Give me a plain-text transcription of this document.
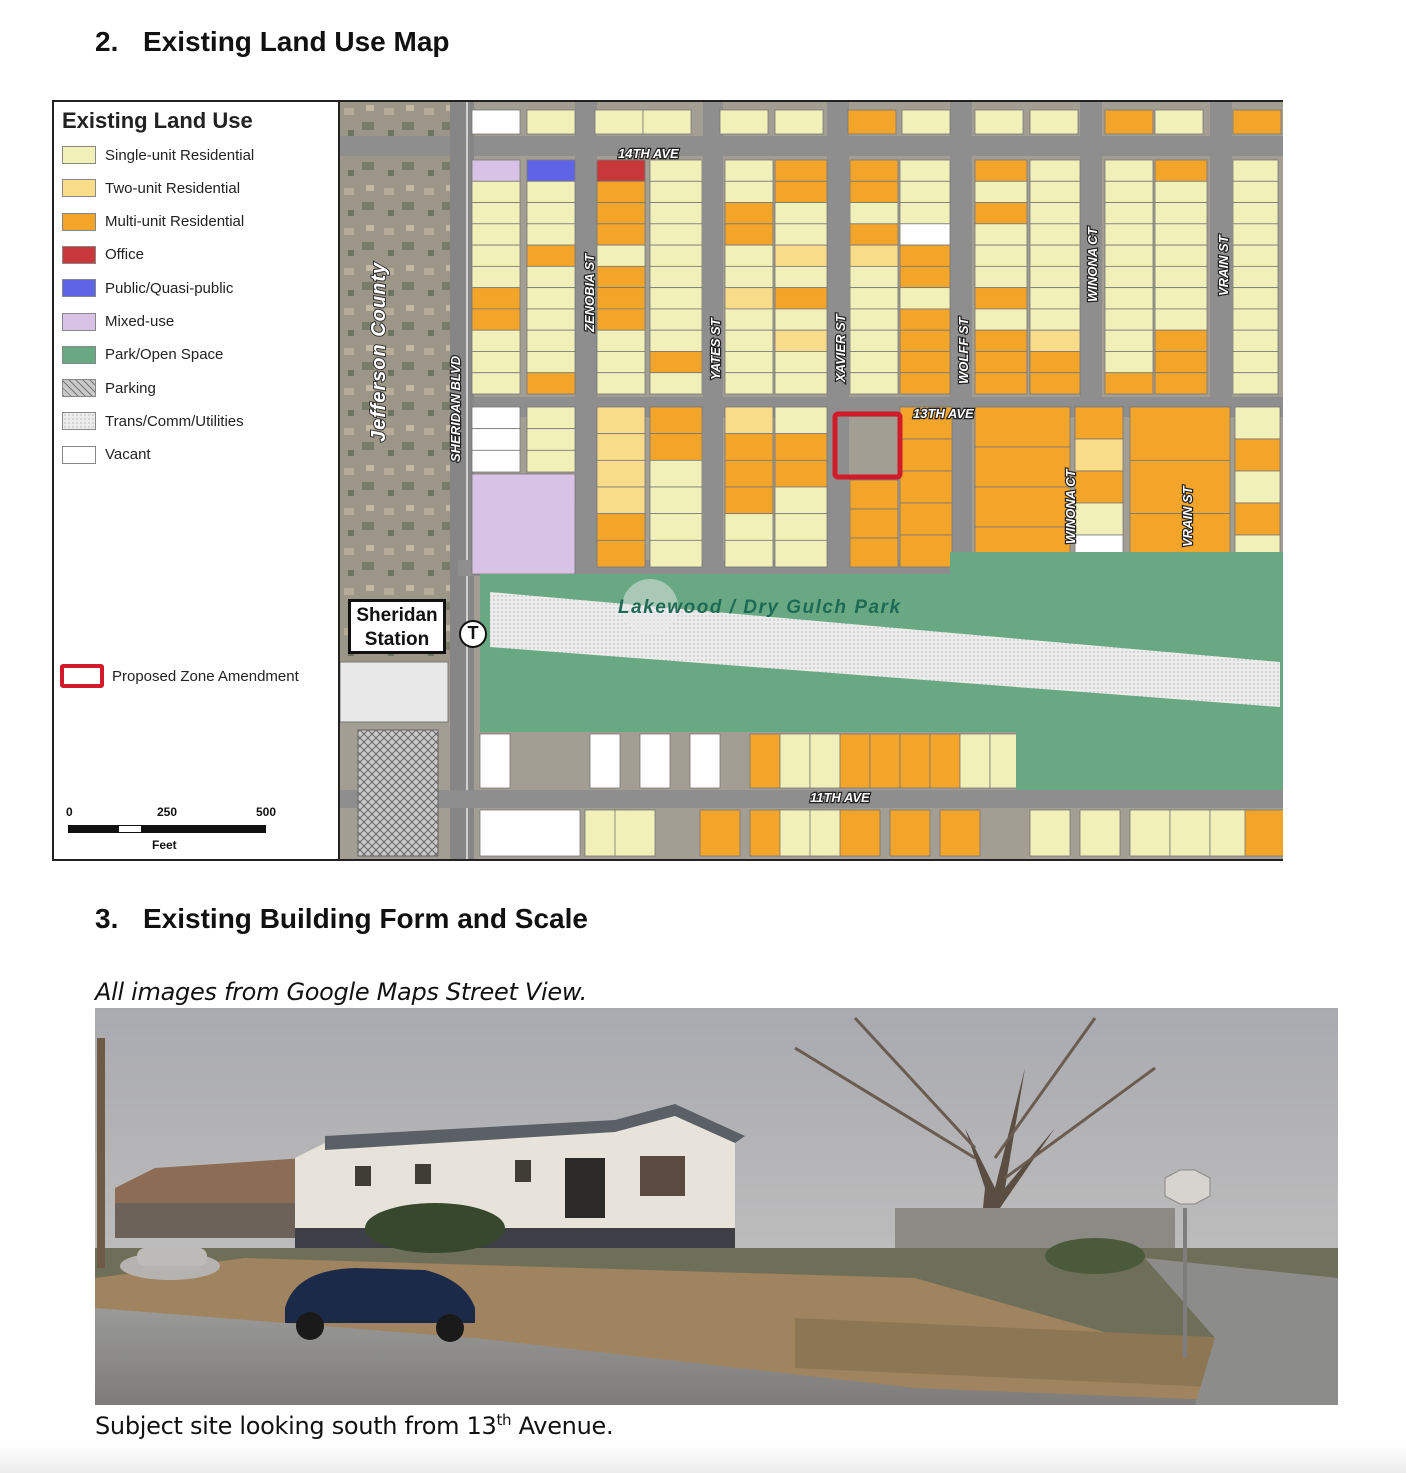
2. Existing Land Use Map
Existing Land Use
Single-unit Residential
Two-unit Residential
Multi-unit Residential
Office
Public/Quasi-public
Mixed-use
Park/Open Space
Parking
Trans/Comm/Utilities
Vacant
Proposed Zone Amendment
0	250	500
Feet
14TH AVE
13TH AVE
11TH AVE
ZENOBIA ST
YATES ST	XAVIER ST	WOLFF ST
WINONA CT
WINONA CT
VRAIN ST
VRAIN ST
SHERIDAN BLVD
Jefferson County
Lakewood / Dry Gulch Park
Sheridan
Station	T
3. Existing Building Form and Scale

All images from Google Maps Street View.

Subject site looking south from 13th Avenue.
